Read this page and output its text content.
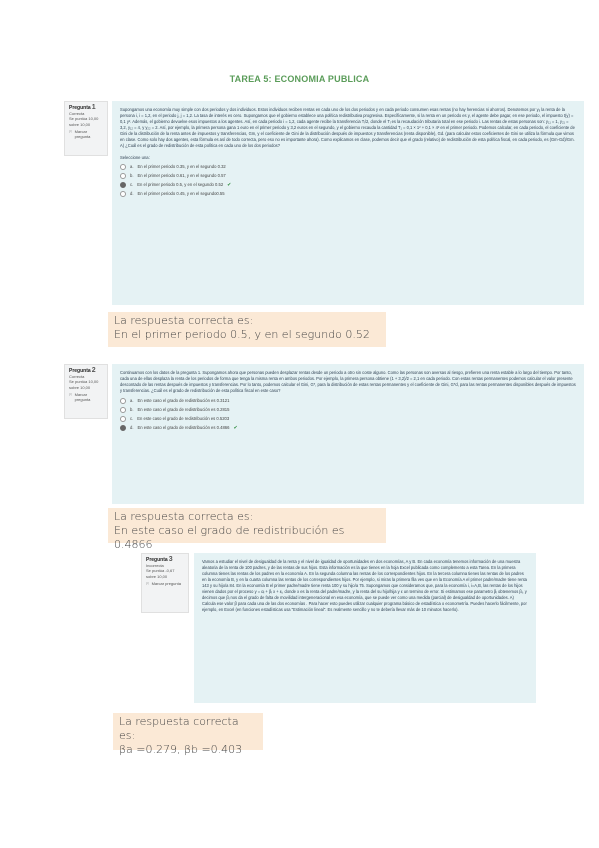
TAREA 5: ECONOMIA PUBLICA
Pregunta 1
Correcta
Se puntúa 10,00 sobre 10,00
⚐ Marcar pregunta
Supongamos una economía muy simple con dos periodos y dos individuos. Estos individuos reciben rentas en cada uno de los dos periodos y en cada periodo consumen esas rentas (no hay herencias ni ahorros). Denotemos por yᵢⱼ la renta de la persona i, i = 1,2, en el periodo j, j = 1,2. La tasa de interés es cero. Supongamos que el gobierno establece una política redistributiva progresiva. Específicamente, si la renta en un periodo es y, el agente debe pagar, en ese periodo, el impuesto t(y) = 0,1 y². Además, el gobierno devuelve esos impuestos a los agentes. Así, en cada periodo i = 1,2, cada agente recibe la transferencia Tᵢ/2, donde el Tᵢ es la recaudación tributaria total en ese periodo i. Las rentas de estas personas son: y₁₁ = 1, y₂₁ = 3,2, y₁₂ = 4, y y₂₂ = 2. Así, por ejemplo, la primera persona gana 1 euro en el primer periodo y 3,2 euros en el segundo, y el gobierno recauda la cantidad T₁ = 0,1 × 1² + 0,1 × 4² en el primer periodo. Podemos calcular, en cada periodo, el coeficiente de Gini de la distribución de la renta antes de impuestos y transferencias, Gm, y el coeficiente de Gini de la distribución después de impuestos y transferencias (renta disponible), Gd. (para calcular estos coeficientes de Gini se utiliza la fórmula que vimos en clase. Como solo hay dos agentes, esta fórmula es así de todo correcta, pero eso no es importante ahora). Como explicamos en clase, podemos decir que el grado (relativo) de redistribución de esta política fiscal, en cada periodo, es (Gm-Gd)/Gm. A) ¿Cuál es el grado de redistribución de esta política en cada uno de los dos periodos?
Seleccione una:
a. En el primer periodo 0.35, y en el segundo 0.32
b. En el primer periodo 0.61, y en el segundo 0.57
c. En el primer periodo 0.5, y en el segundo 0.52 ✔
d. En el primer periodo 0.45, y en el segundo0.55
La respuesta correcta es:
En el primer periodo 0.5, y en el segundo 0.52
Pregunta 2
Correcta
Se puntúa 10,00 sobre 10,00
⚐ Marcar pregunta
Continuamos con los datos de la pregunta 1. Supongamos ahora que personas pueden desplazar rentas desde un periodo a otro sin coste alguno. Como las personas son aversas al riesgo, prefieren una renta estable a lo largo del tiempo. Por tanto, cada una de ellas desplaza la renta de los periodos de forma que tenga la misma renta en ambos periodos. Por ejemplo, la primera persona obtiene (1 + 3,2)/2 = 2,1 en cada periodo. Con estas rentas permanentes podemos calcular el valor presente descontado de las rentas después de impuestos y transferencias. Por lo tanto, podemos calcular el Gini, G*, para la distribución de estas rentas permanentes y el coeficiente de Gini, G*d, para las rentas permanentes disponibles después de impuestos y transferencias. ¿Cuál es el grado de redistribución de esta política fiscal en este caso?
a. En este caso el grado de redistribución es 0.3121
b. En este caso el grado de redistribución es 0.2815
c. En este caso el grado de redistribución es 0.5203
d. En este caso el grado de redistribución es 0.4866 ✔
La respuesta correcta es:
En este caso el grado de redistribución es 0.4866
Pregunta 3
Incorrecta
Se puntúa -0,67 sobre 10,00
⚐ Marcar pregunta
Vamos a estudiar el nivel de desigualdad de la renta y el nivel de igualdad de oportunidades en dos economías, A y B. En cada economía tenemos información de una muestra aleatoria de la renta de 100 padres, y de las rentas de sus hijos. Esta información es la que tienes en la hoja Excel publicada como complemento a esta Tarea. En la primera columna tienes las rentas de los padres en la economía A. En la segunda columna las rentas de los correspondientes hijos. En la tercera columna tienes las rentas de los padres en la economía B, y en la cuarta columna las rentas de los correspondientes hijos. Por ejemplo, si miras la primera fila ves que en la Economía A el primer padre/madre tiene renta 143 y su hijo/a 84. En la economía B el primer padre/madre tiene renta 100 y su hijo/a 75. Supongamos que consideramos que, para la economía i, i=A,B, las rentas de los hijos vienen dados por el proceso y = αᵢ + βᵢ x + εᵢ, donde x es la renta del padre/madre, y la renta del su hijo/hija y ε un termino de error. Si estimamos ese parametro βᵢ obtenemos βᵢ, y decimos que βᵢ nos da el grado de falta de movilidad intergeneracional en esa economía, que se puede ver como una medida (parcial) de desigualdad de oportunidades. A) Calcula ese valor β para cada una de las dos economías . Para hacer esto puedes utilizar cualquier programa básico de estadística o econometría. Puedes hacerlo fácilmente, por ejemplo, en Excel (en funciones estadísticas usa "Estimación lineal". Es realmente sencillo y no te debería llevar más de 10 minutos hacerlo).
La respuesta correcta es:
βa =0.279, βb =0.403
